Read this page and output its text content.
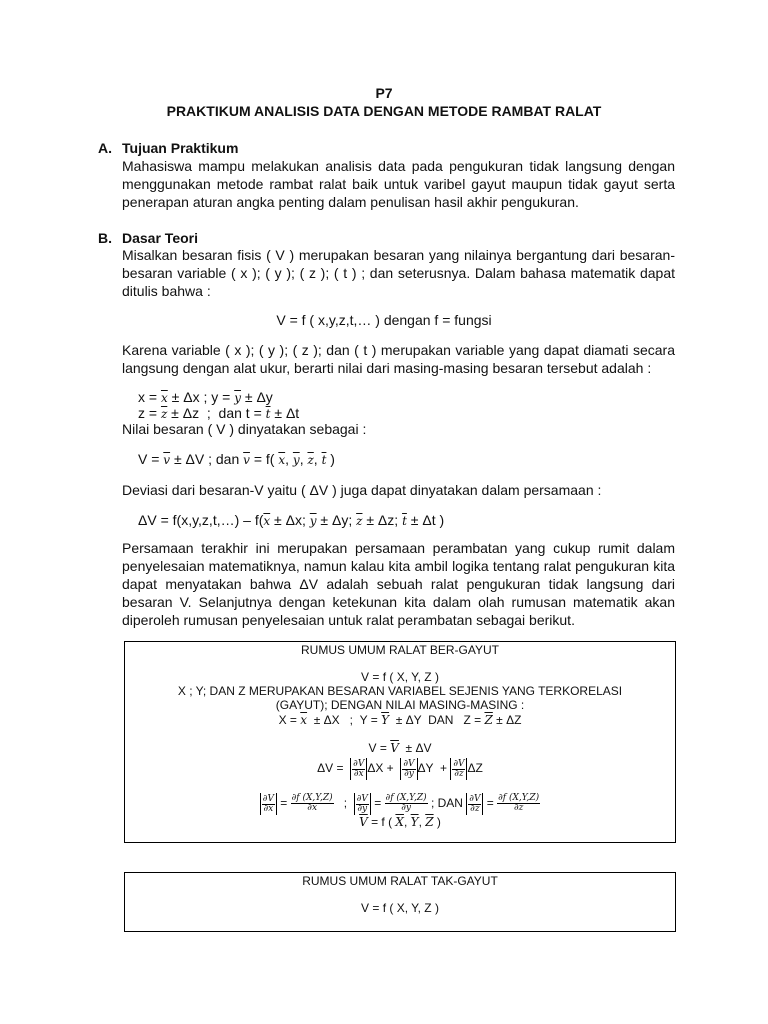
P7
PRAKTIKUM ANALISIS DATA DENGAN METODE RAMBAT RALAT
A. Tujuan Praktikum

Mahasiswa mampu melakukan analisis data pada pengukuran tidak langsung dengan menggunakan metode rambat ralat baik untuk varibel gayut maupun tidak gayut serta penerapan aturan angka penting dalam penulisan hasil akhir pengukuran.

B. Dasar Teori

Misalkan besaran fisis ( V ) merupakan besaran yang nilainya bergantung dari besaran-besaran variable ( x ); ( y ); ( z ); ( t ) ; dan seterusnya. Dalam bahasa matematik dapat ditulis bahwa :

V = f ( x,y,z,t,… ) dengan f = fungsi

Karena variable ( x ); ( y ); ( z ); dan ( t ) merupakan variable yang dapat diamati secara langsung dengan alat ukur, berarti nilai dari masing-masing besaran tersebut adalah :

$x = \overline{x} \pm \Delta x$ ; $y = \overline{y} \pm \Delta y$
$z = \overline{z} \pm \Delta z$  ;  dan $t = \overline{t} \pm \Delta t$

Nilai besaran ( V ) dinyatakan sebagai :

$V = \overline{v} \pm \Delta V$ ; dan $\overline{v} = f$( $\overline{x}$, $\overline{y}$, $\overline{z}$, $\overline{t}$ )

Deviasi dari besaran-V yaitu ( ΔV ) juga dapat dinyatakan dalam persamaan :

ΔV = f(x,y,z,t,…) – $f(\overline{x} \pm \Delta x$; $\overline{y} \pm \Delta y$; $\overline{z} \pm \Delta z$; $\overline{t} \pm \Delta t$ )

Persamaan terakhir ini merupakan persamaan perambatan yang cukup rumit dalam penyelesaian matematiknya, namun kalau kita ambil logika tentang ralat pengukuran kita dapat menyatakan bahwa ΔV adalah sebuah ralat pengukuran tidak langsung dari besaran V. Selanjutnya dengan ketekunan kita dalam olah rumusan matematik akan diperoleh rumusan penyelesaian untuk ralat perambatan sebagai berikut.

RUMUS UMUM RALAT BER-GAYUT
V = f ( X, Y, Z )
X ; Y; DAN Z MERUPAKAN BESARAN VARIABEL SEJENIS YANG TERKORELASI
(GAYUT); DENGAN NILAI MASING-MASING :
$X = \overline{x} \pm \Delta X$   ;  $Y = \overline{Y} \pm \Delta Y$  DAN   $Z = \overline{Z} \pm \Delta Z$
$V = \overline{V} \pm \Delta V$
$\Delta V = \frac{\partial V}{\partial x}$ $\Delta X + \frac{\partial V}{\partial y}$ $\Delta Y + \frac{\partial V}{\partial z}$ ΔZ
$\frac{\partial V}{\partial x} = \frac{\partial f (X,Y,Z)}{\partial x}$ ; $\frac{\partial V}{\partial y} = \frac{\partial f (X,Y,Z)}{\partial y}$ ; DAN $\frac{\partial V}{\partial z} = \frac{\partial f (X,Y,Z)}{\partial z}$
$\overline{V} = f$ ( $\overline{X}$, $\overline{Y}$, $\overline{Z}$ )
RUMUS UMUM RALAT TAK-GAYUT
V = f ( X, Y, Z )
